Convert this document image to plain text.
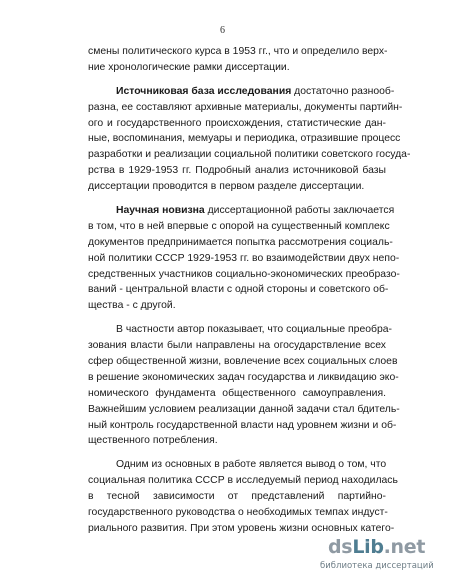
6
смены политического курса в 1953 гг., что и определило верх-
ние хронологические рамки диссертации.
Источниковая база исследования достаточно разнооб-
разна, ее составляют архивные материалы, документы партийн-
ого и государственного происхождения, статистические дан-
ные, воспоминания, мемуары и периодика, отразившие процесс
разработки и реализации социальной политики советского госуда-
рства в 1929-1953 гг. Подробный анализ источниковой базы
диссертации проводится в первом разделе диссертации.
Научная новизна диссертационной работы заключается
в том, что в ней впервые с опорой на существенный комплекс
документов предпринимается попытка рассмотрения социаль-
ной политики СССР 1929-1953 гг. во взаимодействии двух непо-
средственных участников социально-экономических преобразо-
ваний - центральной власти с одной стороны и советского об-
щества - с другой.
В частности автор показывает, что социальные преобра-
зования власти были направлены на огосударствление всех
сфер общественной жизни, вовлечение всех социальных слоев
в решение экономических задач государства и ликвидацию эко-
номического фундамента общественного самоуправления.
Важнейшим условием реализации данной задачи стал бдитель-
ный контроль государственной власти над уровнем жизни и об-
щественного потребления.
Одним из основных в работе является вывод о том, что
социальная политика СССР в исследуемый период находилась
в тесной зависимости от представлений партийно-
государственного руководства о необходимых темпах индуст-
риального развития. При этом уровень жизни основных катего-
dsLib.net
библиотека диссертаций
